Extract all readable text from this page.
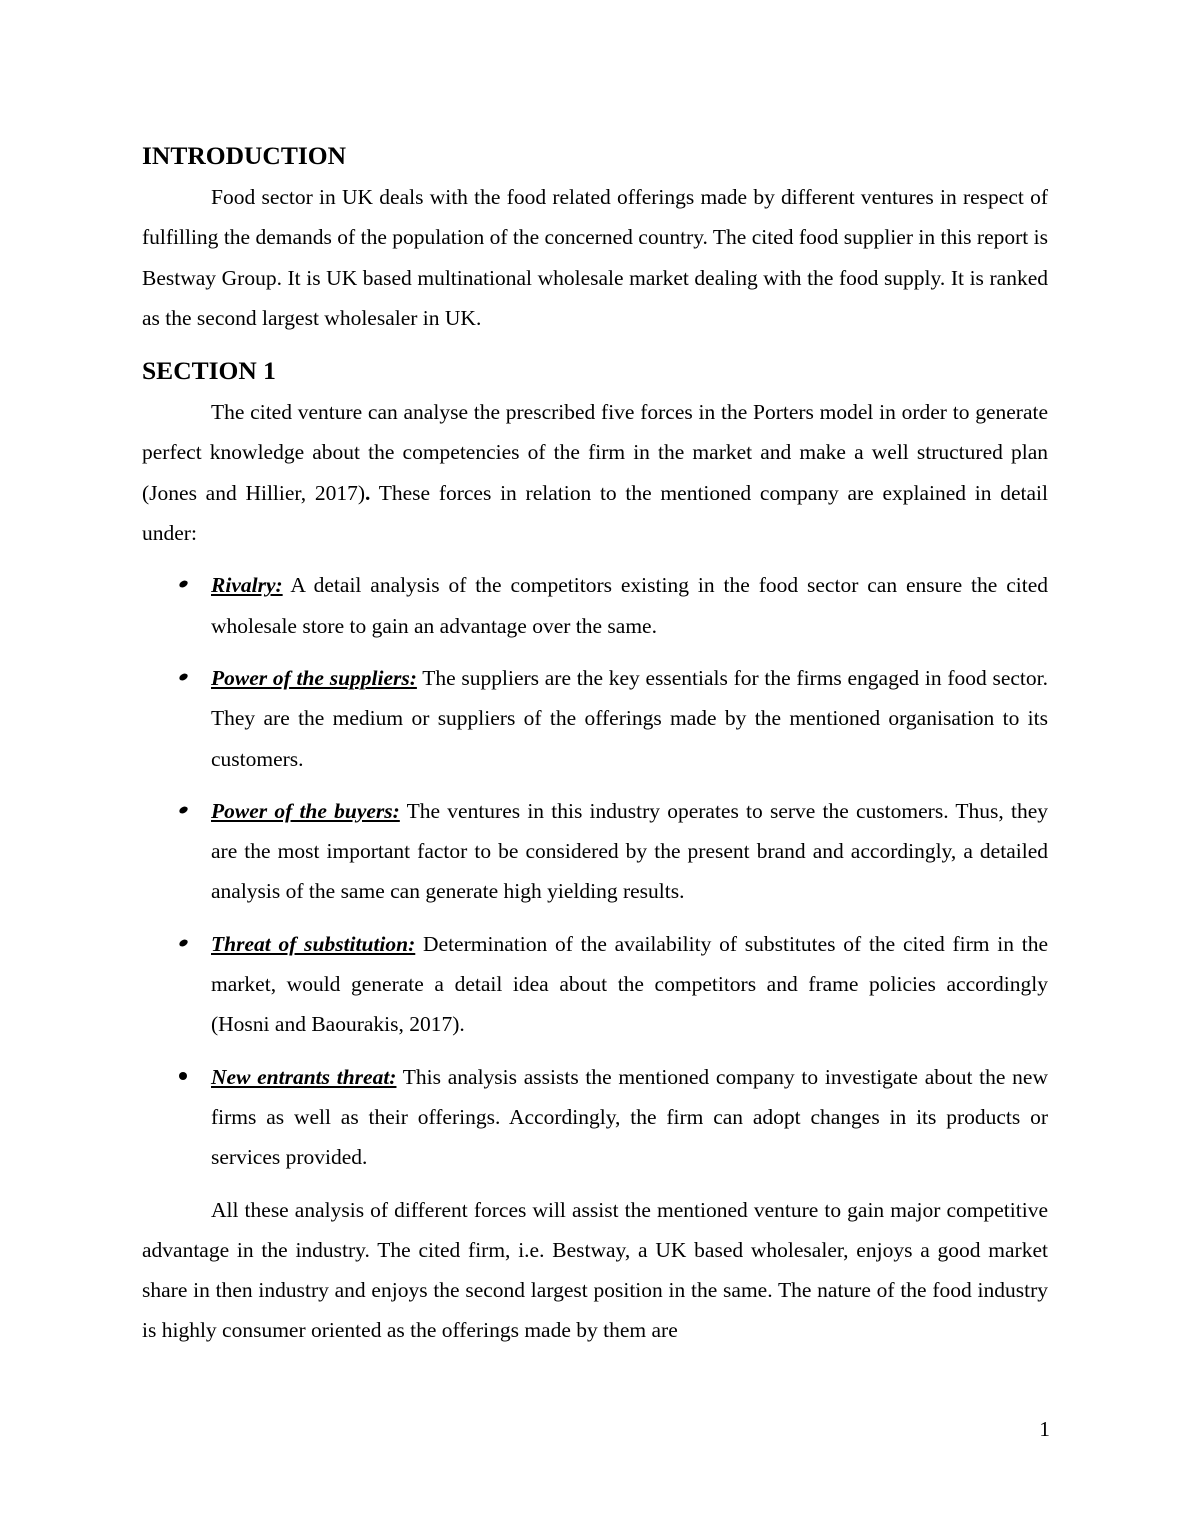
INTRODUCTION

Food sector in UK deals with the food related offerings made by different ventures in respect of fulfilling the demands of the population of the concerned country. The cited food supplier in this report is Bestway Group. It is UK based multinational wholesale market dealing with the food supply. It is ranked as the second largest wholesaler in UK.

SECTION 1

The cited venture can analyse the prescribed five forces in the Porters model in order to generate perfect knowledge about the competencies of the firm in the market and make a well structured plan (Jones and Hillier, 2017). These forces in relation to the mentioned company are explained in detail under:

Rivalry: A detail analysis of the competitors existing in the food sector can ensure the cited wholesale store to gain an advantage over the same.
Power of the suppliers: The suppliers are the key essentials for the firms engaged in food sector. They are the medium or suppliers of the offerings made by the mentioned organisation to its customers.
Power of the buyers: The ventures in this industry operates to serve the customers. Thus, they are the most important factor to be considered by the present brand and accordingly, a detailed analysis of the same can generate high yielding results.
Threat of substitution: Determination of the availability of substitutes of the cited firm in the market, would generate a detail idea about the competitors and frame policies accordingly (Hosni and Baourakis, 2017).
New entrants threat: This analysis assists the mentioned company to investigate about the new firms as well as their offerings. Accordingly, the firm can adopt changes in its products or services provided.

All these analysis of different forces will assist the mentioned venture to gain major competitive advantage in the industry. The cited firm, i.e. Bestway, a UK based wholesaler, enjoys a good market share in then industry and enjoys the second largest position in the same. The nature of the food industry is highly consumer oriented as the offerings made by them are

1
